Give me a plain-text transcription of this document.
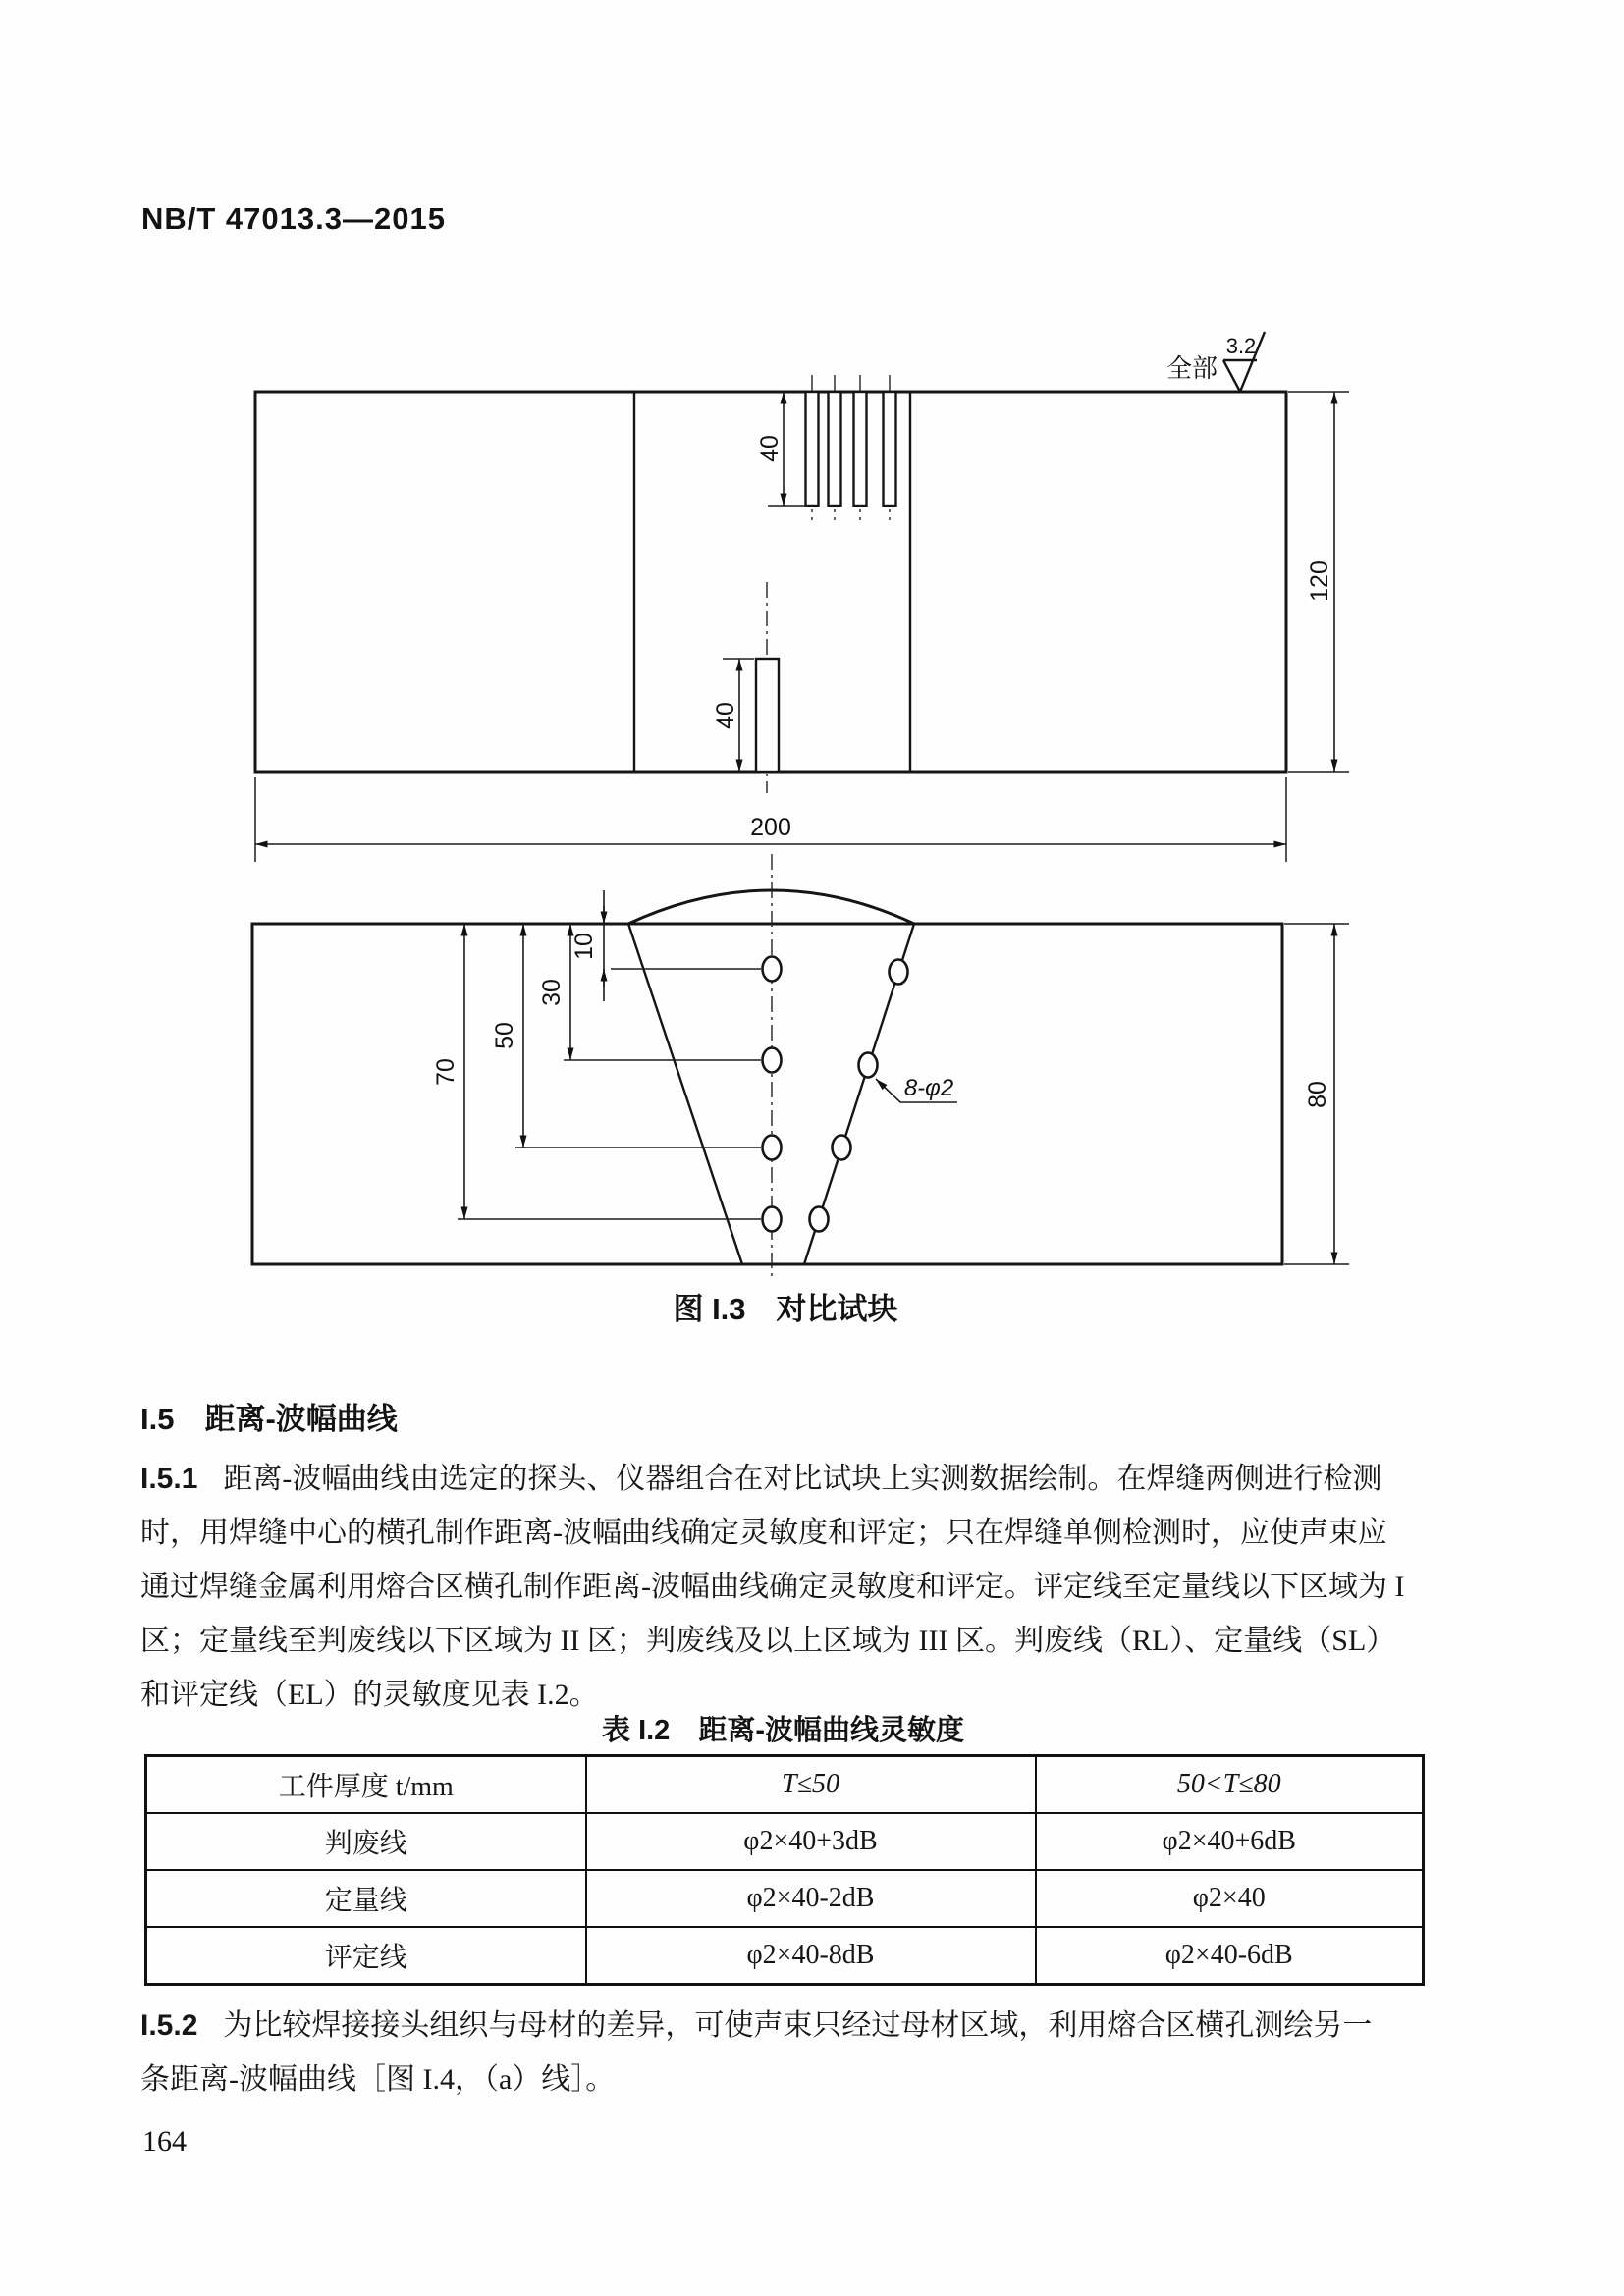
NB/T 47013.3—2015
40
40
120
200
3.2
全部
10
30
50
70
8-φ2	80
图 I.3　对比试块
I.5　距离-波幅曲线
I.5.1 距离-波幅曲线由选定的探头、仪器组合在对比试块上实测数据绘制。在焊缝两侧进行检测
时，用焊缝中心的横孔制作距离-波幅曲线确定灵敏度和评定；只在焊缝单侧检测时，应使声束应
通过焊缝金属利用熔合区横孔制作距离-波幅曲线确定灵敏度和评定。评定线至定量线以下区域为 I
区；定量线至判废线以下区域为 II 区；判废线及以上区域为 III 区。判废线（RL）、定量线（SL）
和评定线（EL）的灵敏度见表 I.2。
表 I.2　距离-波幅曲线灵敏度
工件厚度 t/mm	T≤50	50<T≤80
判废线	φ2×40+3dB	φ2×40+6dB
定量线	φ2×40-2dB	φ2×40
评定线	φ2×40-8dB	φ2×40-6dB
I.5.2 为比较焊接接头组织与母材的差异，可使声束只经过母材区域，利用熔合区横孔测绘另一
条距离-波幅曲线［图 I.4，（a）线］。
164
